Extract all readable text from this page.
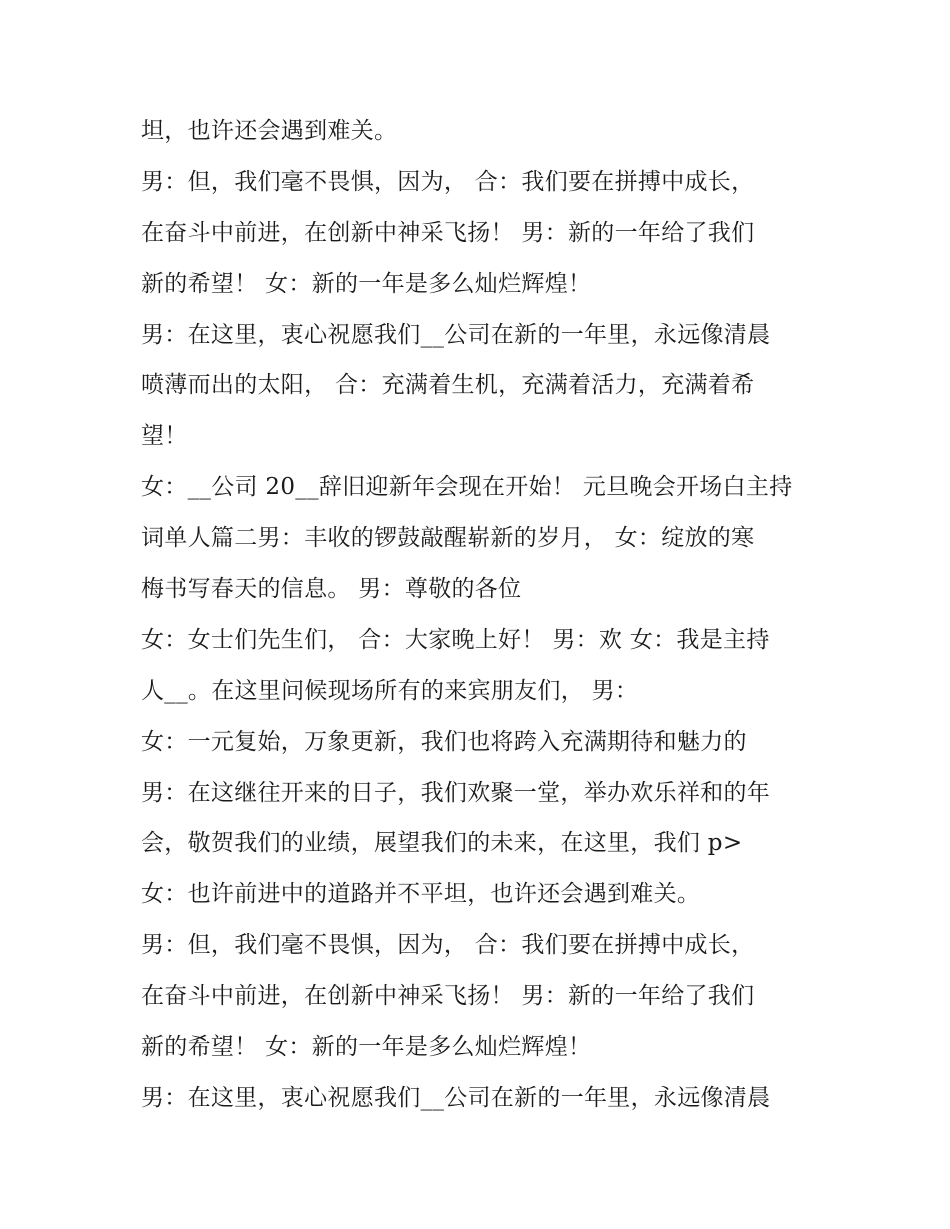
坦，也许还会遇到难关。
男：但，我们毫不畏惧，因为， 合：我们要在拼搏中成长，
在奋斗中前进，在创新中神采飞扬！ 男：新的一年给了我们
新的希望！ 女：新的一年是多么灿烂辉煌！
男：在这里，衷心祝愿我们__公司在新的一年里，永远像清晨
喷薄而出的太阳， 合：充满着生机，充满着活力，充满着希
望！
女：__公司 20__辞旧迎新年会现在开始！ 元旦晚会开场白主持
词单人篇二男：丰收的锣鼓敲醒崭新的岁月， 女：绽放的寒
梅书写春天的信息。 男：尊敬的各位
女：女士们先生们， 合：大家晚上好！ 男：欢 女：我是主持
人__。在这里问候现场所有的来宾朋友们， 男：
女：一元复始，万象更新，我们也将跨入充满期待和魅力的
男：在这继往开来的日子，我们欢聚一堂，举办欢乐祥和的年
会，敬贺我们的业绩，展望我们的未来，在这里，我们 p>
女：也许前进中的道路并不平坦，也许还会遇到难关。
男：但，我们毫不畏惧，因为， 合：我们要在拼搏中成长，
在奋斗中前进，在创新中神采飞扬！ 男：新的一年给了我们
新的希望！ 女：新的一年是多么灿烂辉煌！
男：在这里，衷心祝愿我们__公司在新的一年里，永远像清晨
